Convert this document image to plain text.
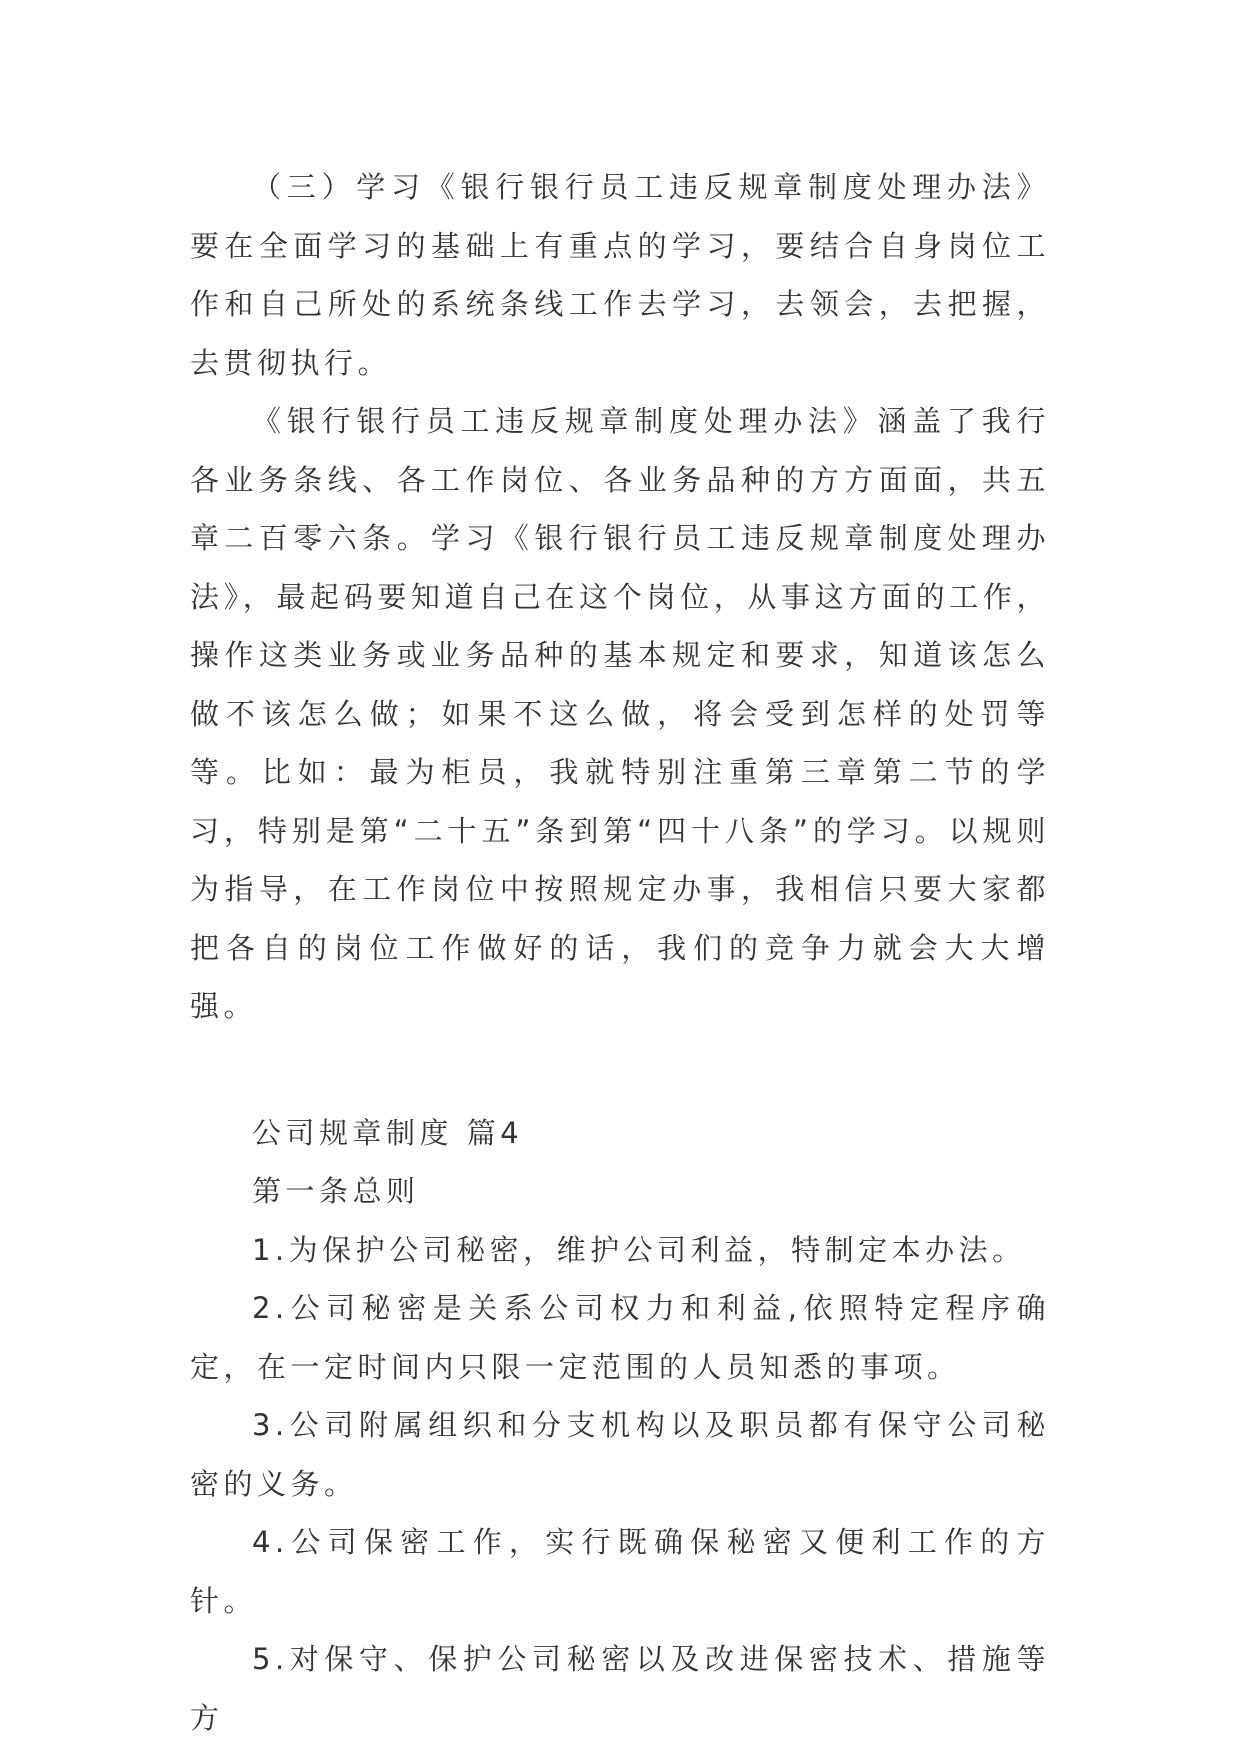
（三）学习《银行银行员工违反规章制度处理办法》要在全面学习的基础上有重点的学习，要结合自身岗位工作和自己所处的系统条线工作去学习，去领会，去把握，去贯彻执行。

《银行银行员工违反规章制度处理办法》涵盖了我行各业务条线、各工作岗位、各业务品种的方方面面，共五章二百零六条。学习《银行银行员工违反规章制度处理办法》，最起码要知道自己在这个岗位，从事这方面的工作，操作这类业务或业务品种的基本规定和要求，知道该怎么做不该怎么做；如果不这么做，将会受到怎样的处罚等等。比如：最为柜员，我就特别注重第三章第二节的学习，特别是第“二十五”条到第“四十八条”的学习。以规则为指导，在工作岗位中按照规定办事，我相信只要大家都把各自的岗位工作做好的话，我们的竞争力就会大大增强。

公司规章制度 篇4

第一条总则

1.为保护公司秘密，维护公司利益，特制定本办法。

2.公司秘密是关系公司权力和利益,依照特定程序确定，在一定时间内只限一定范围的人员知悉的事项。

3.公司附属组织和分支机构以及职员都有保守公司秘密的义务。

4.公司保密工作，实行既确保秘密又便利工作的方针。

5.对保守、保护公司秘密以及改进保密技术、措施等方
